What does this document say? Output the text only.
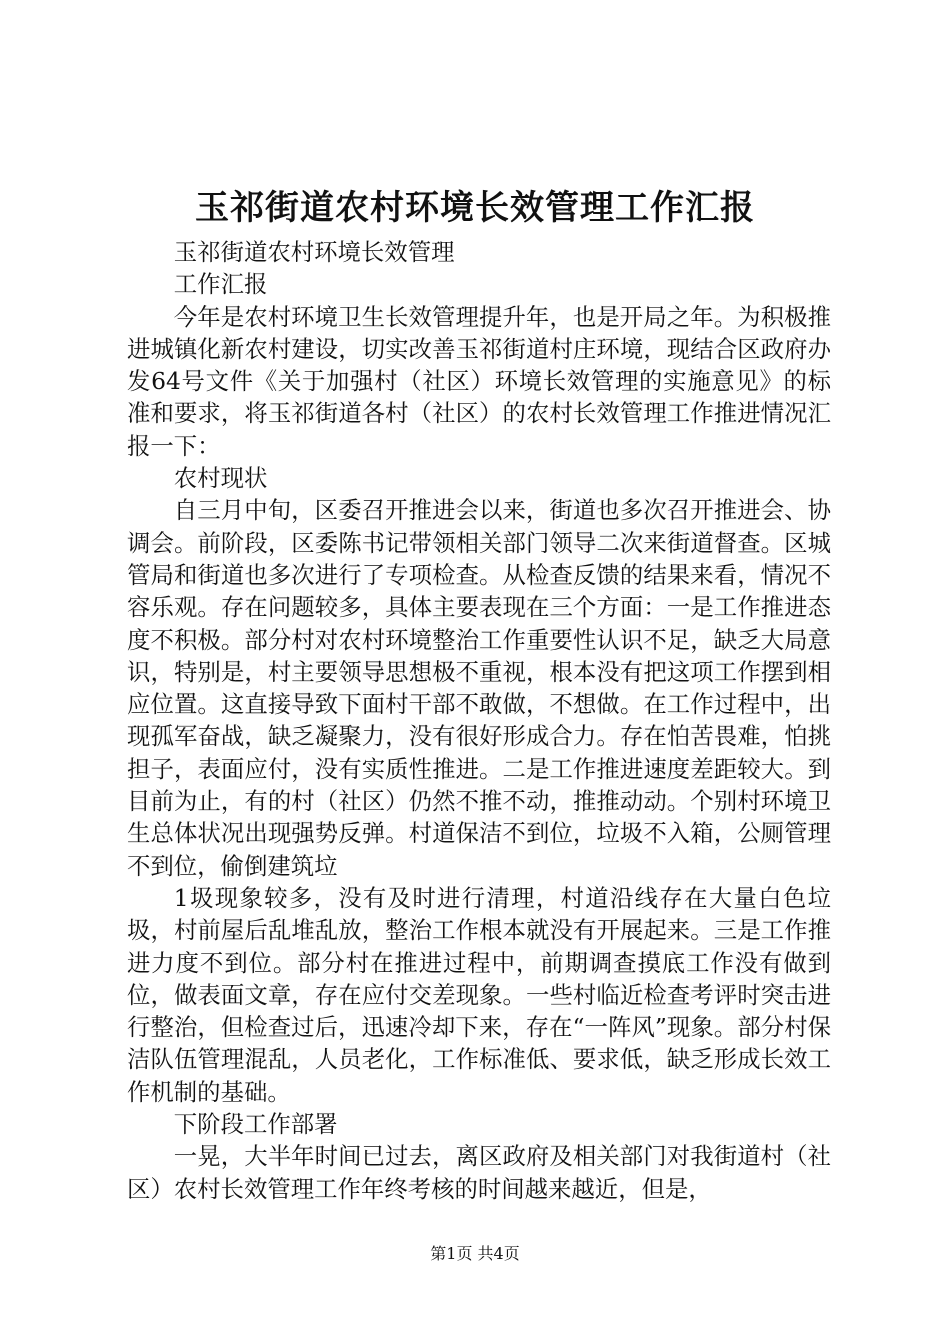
玉祁街道农村环境长效管理工作汇报

玉祁街道农村环境长效管理

工作汇报

今年是农村环境卫生长效管理提升年，也是开局之年。为积极推进城镇化新农村建设，切实改善玉祁街道村庄环境，现结合区政府办发64号文件《关于加强村（社区）环境长效管理的实施意见》的标准和要求，将玉祁街道各村（社区）的农村长效管理工作推进情况汇报一下：

农村现状

自三月中旬，区委召开推进会以来，街道也多次召开推进会、协调会。前阶段，区委陈书记带领相关部门领导二次来街道督查。区城管局和街道也多次进行了专项检查。从检查反馈的结果来看，情况不容乐观。存在问题较多，具体主要表现在三个方面：一是工作推进态度不积极。部分村对农村环境整治工作重要性认识不足，缺乏大局意识，特别是，村主要领导思想极不重视，根本没有把这项工作摆到相应位置。这直接导致下面村干部不敢做，不想做。在工作过程中，出现孤军奋战，缺乏凝聚力，没有很好形成合力。存在怕苦畏难，怕挑担子，表面应付，没有实质性推进。二是工作推进速度差距较大。到目前为止，有的村（社区）仍然不推不动，推推动动。个别村环境卫生总体状况出现强势反弹。村道保洁不到位，垃圾不入箱，公厕管理不到位，偷倒建筑垃

1圾现象较多，没有及时进行清理，村道沿线存在大量白色垃圾，村前屋后乱堆乱放，整治工作根本就没有开展起来。三是工作推进力度不到位。部分村在推进过程中，前期调查摸底工作没有做到位，做表面文章，存在应付交差现象。一些村临近检查考评时突击进行整治，但检查过后，迅速冷却下来，存在“一阵风”现象。部分村保洁队伍管理混乱，人员老化，工作标准低、要求低，缺乏形成长效工作机制的基础。

下阶段工作部署

一晃，大半年时间已过去，离区政府及相关部门对我街道村（社区）农村长效管理工作年终考核的时间越来越近，但是，

第1页 共4页
